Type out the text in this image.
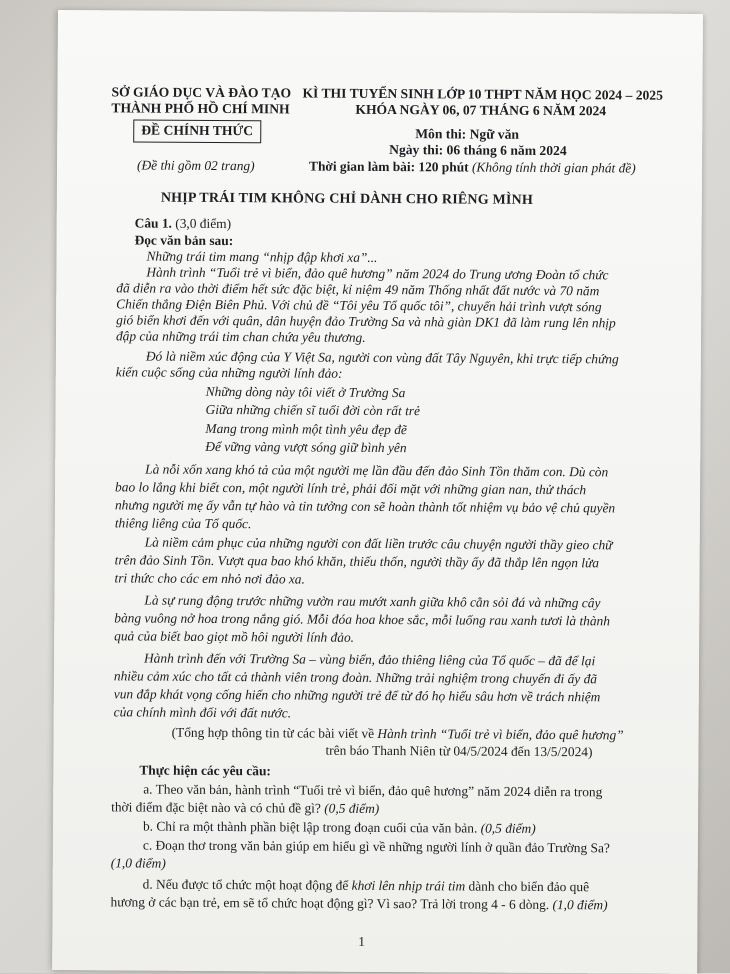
SỞ GIÁO DỤC VÀ ĐÀO TẠO
THÀNH PHỐ HỒ CHÍ MINH
ĐỀ CHÍNH THỨC
(Đề thi gồm 02 trang)
KÌ THI TUYỂN SINH LỚP 10 THPT NĂM HỌC 2024 – 2025
KHÓA NGÀY 06, 07 THÁNG 6 NĂM 2024
Môn thi: Ngữ văn
Ngày thi: 06 tháng 6 năm 2024
Thời gian làm bài: 120 phút (Không tính thời gian phát đề)
NHỊP TRÁI TIM KHÔNG CHỈ DÀNH CHO RIÊNG MÌNH
Câu 1. (3,0 điểm)
Đọc văn bản sau:
Những trái tim mang “nhịp đập khơi xa”...
Hành trình “Tuổi trẻ vì biển, đảo quê hương” năm 2024 do Trung ương Đoàn tổ chức
đã diễn ra vào thời điểm hết sức đặc biệt, kỉ niệm 49 năm Thống nhất đất nước và 70 năm
Chiến thắng Điện Biên Phủ. Với chủ đề “Tôi yêu Tổ quốc tôi”, chuyến hải trình vượt sóng
gió biển khơi đến với quân, dân huyện đảo Trường Sa và nhà giàn DK1 đã làm rung lên nhịp
đập của những trái tim chan chứa yêu thương.
Đó là niềm xúc động của Y Việt Sa, người con vùng đất Tây Nguyên, khi trực tiếp chứng
kiến cuộc sống của những người lính đảo:
Những dòng này tôi viết ở Trường Sa
Giữa những chiến sĩ tuổi đời còn rất trẻ
Mang trong mình một tình yêu đẹp đẽ
Để vững vàng vượt sóng giữ bình yên
Là nỗi xốn xang khó tả của một người mẹ lần đầu đến đảo Sinh Tồn thăm con. Dù còn
bao lo lắng khi biết con, một người lính trẻ, phải đối mặt với những gian nan, thử thách
nhưng người mẹ ấy vẫn tự hào và tin tưởng con sẽ hoàn thành tốt nhiệm vụ bảo vệ chủ quyền
thiêng liêng của Tổ quốc.
Là niềm cảm phục của những người con đất liền trước câu chuyện người thầy gieo chữ
trên đảo Sinh Tồn. Vượt qua bao khó khăn, thiếu thốn, người thầy ấy đã thắp lên ngọn lửa
tri thức cho các em nhỏ nơi đảo xa.
Là sự rung động trước những vườn rau mướt xanh giữa khô cằn sỏi đá và những cây
bàng vuông nở hoa trong nắng gió. Mỗi đóa hoa khoe sắc, mỗi luống rau xanh tươi là thành
quả của biết bao giọt mồ hôi người lính đảo.
Hành trình đến với Trường Sa – vùng biển, đảo thiêng liêng của Tổ quốc – đã để lại
nhiều cảm xúc cho tất cả thành viên trong đoàn. Những trải nghiệm trong chuyến đi ấy đã
vun đắp khát vọng cống hiến cho những người trẻ để từ đó họ hiểu sâu hơn về trách nhiệm
của chính mình đối với đất nước.
(Tổng hợp thông tin từ các bài viết về Hành trình “Tuổi trẻ vì biển, đảo quê hương”
trên báo Thanh Niên từ 04/5/2024 đến 13/5/2024)
Thực hiện các yêu cầu:
a. Theo văn bản, hành trình “Tuổi trẻ vì biển, đảo quê hương” năm 2024 diễn ra trong
thời điểm đặc biệt nào và có chủ đề gì? (0,5 điểm)
b. Chỉ ra một thành phần biệt lập trong đoạn cuối của văn bản. (0,5 điểm)
c. Đoạn thơ trong văn bản giúp em hiểu gì về những người lính ở quần đảo Trường Sa?
(1,0 điểm)
d. Nếu được tổ chức một hoạt động để khơi lên nhịp trái tim dành cho biển đảo quê
hương ở các bạn trẻ, em sẽ tổ chức hoạt động gì? Vì sao? Trả lời trong 4 - 6 dòng. (1,0 điểm)
1
